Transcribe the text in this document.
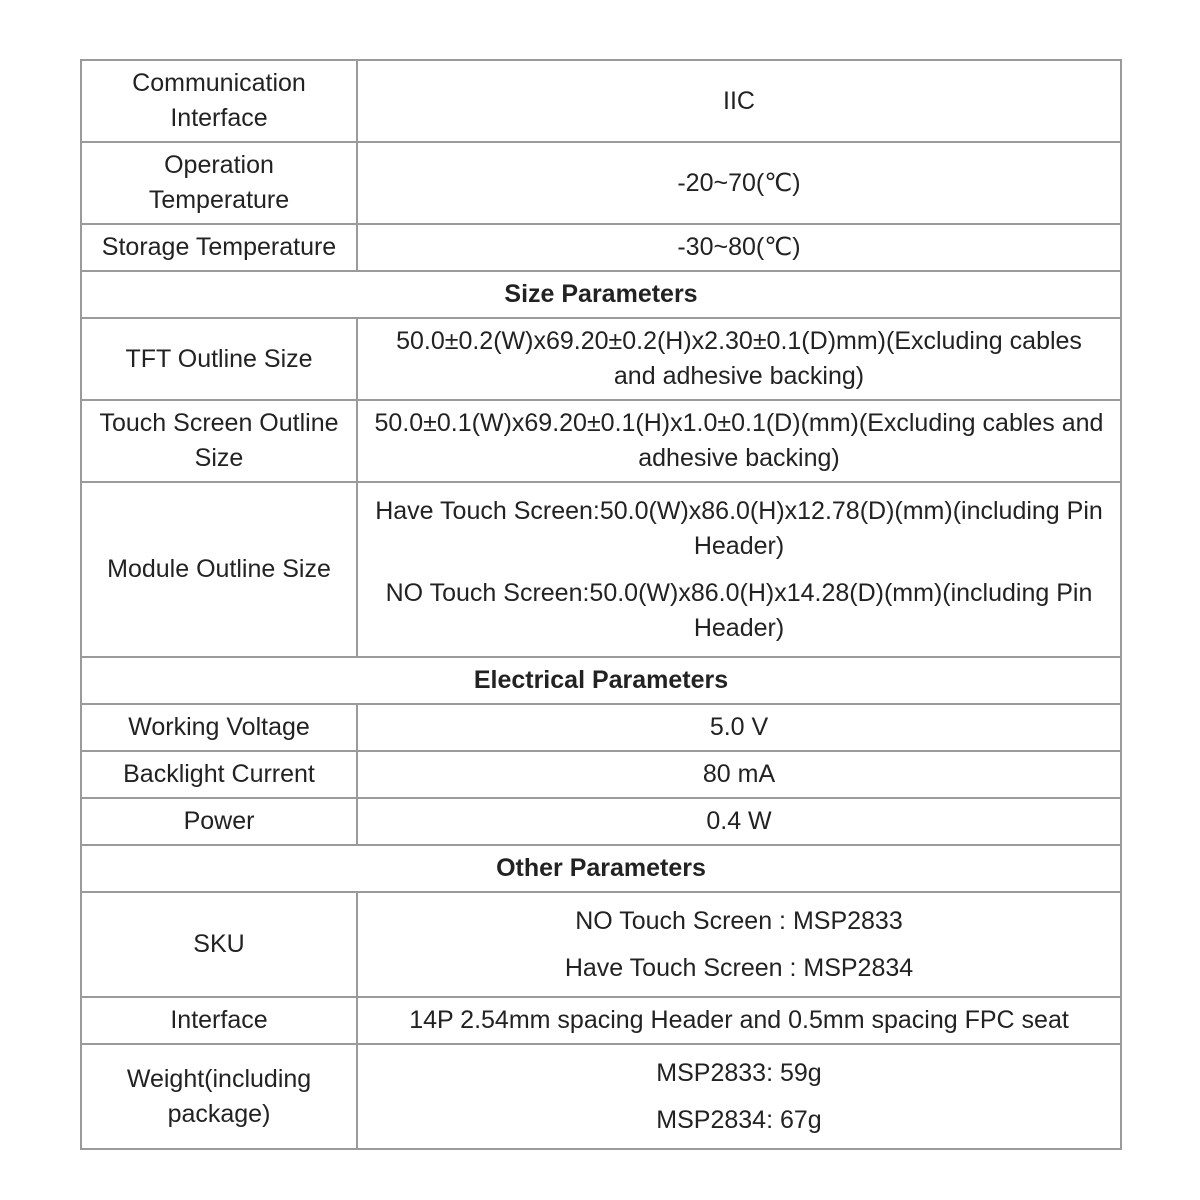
Communication Interface	IIC
Operation Temperature	-20~70(℃)
Storage Temperature	-30~80(℃)
Size Parameters	
TFT Outline Size	50.0±0.2(W)x69.20±0.2(H)x2.30±0.1(D)mm)(Excluding cables and adhesive backing)
Touch Screen Outline Size	50.0±0.1(W)x69.20±0.1(H)x1.0±0.1(D)(mm)(Excluding cables and adhesive backing)
Module Outline Size	Have Touch Screen:50.0(W)x86.0(H)x12.78(D)(mm)(including Pin Header)
NO Touch Screen:50.0(W)x86.0(H)x14.28(D)(mm)(including Pin Header)

Electrical Parameters	
Working Voltage	5.0 V
Backlight Current	80 mA
Power	0.4 W
Other Parameters	
SKU	NO Touch Screen : MSP2833
Have Touch Screen : MSP2834

Interface	14P 2.54mm spacing Header and 0.5mm spacing FPC seat
Weight(including package)	MSP2833: 59g
MSP2834: 67g
